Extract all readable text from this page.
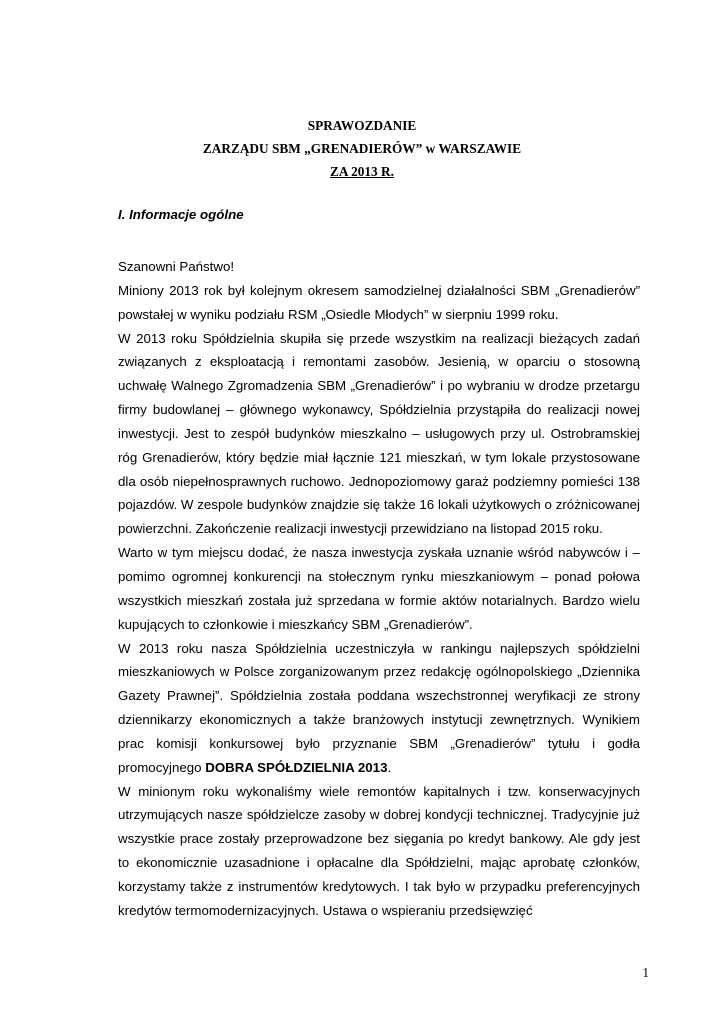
SPRAWOZDANIE
ZARZĄDU SBM „GRENADIERÓW” w WARSZAWIE
ZA 2013 R.
I. Informacje ogólne

Szanowni Państwo!

Miniony 2013 rok był kolejnym okresem samodzielnej działalności SBM „Grenadierów” powstałej w wyniku podziału RSM „Osiedle Młodych” w sierpniu 1999 roku.

W 2013 roku Spółdzielnia skupiła się przede wszystkim na realizacji bieżących zadań związanych z eksploatacją i remontami zasobów. Jesienią, w oparciu o stosowną uchwałę Walnego Zgromadzenia SBM „Grenadierów” i po wybraniu w drodze przetargu firmy budowlanej – głównego wykonawcy, Spółdzielnia przystąpiła do realizacji nowej inwestycji. Jest to zespół budynków mieszkalno – usługowych przy ul. Ostrobramskiej róg Grenadierów, który będzie miał łącznie 121 mieszkań, w tym lokale przystosowane dla osób niepełnosprawnych ruchowo. Jednopoziomowy garaż podziemny pomieści 138 pojazdów. W zespole budynków znajdzie się także 16 lokali użytkowych o zróżnicowanej powierzchni. Zakończenie realizacji inwestycji przewidziano na listopad 2015 roku.

Warto w tym miejscu dodać, że nasza inwestycja zyskała uznanie wśród nabywców i – pomimo ogromnej konkurencji na stołecznym rynku mieszkaniowym – ponad połowa wszystkich mieszkań została już sprzedana w formie aktów notarialnych. Bardzo wielu kupujących to członkowie i mieszkańcy SBM „Grenadierów”.

W 2013 roku nasza Spółdzielnia uczestniczyła w rankingu najlepszych spółdzielni mieszkaniowych w Polsce zorganizowanym przez redakcję ogólnopolskiego „Dziennika Gazety Prawnej”. Spółdzielnia została poddana wszechstronnej weryfikacji ze strony dziennikarzy ekonomicznych a także branżowych instytucji zewnętrznych. Wynikiem prac komisji konkursowej było przyznanie SBM „Grenadierów” tytułu i godła promocyjnego DOBRA SPÓŁDZIELNIA 2013.

W minionym roku wykonaliśmy wiele remontów kapitalnych i tzw. konserwacyjnych utrzymujących nasze spółdzielcze zasoby w dobrej kondycji technicznej. Tradycyjnie już wszystkie prace zostały przeprowadzone bez sięgania po kredyt bankowy. Ale gdy jest to ekonomicznie uzasadnione i opłacalne dla Spółdzielni, mając aprobatę członków, korzystamy także z instrumentów kredytowych. I tak było w przypadku preferencyjnych kredytów termomodernizacyjnych. Ustawa o wspieraniu przedsięwzięć

1
